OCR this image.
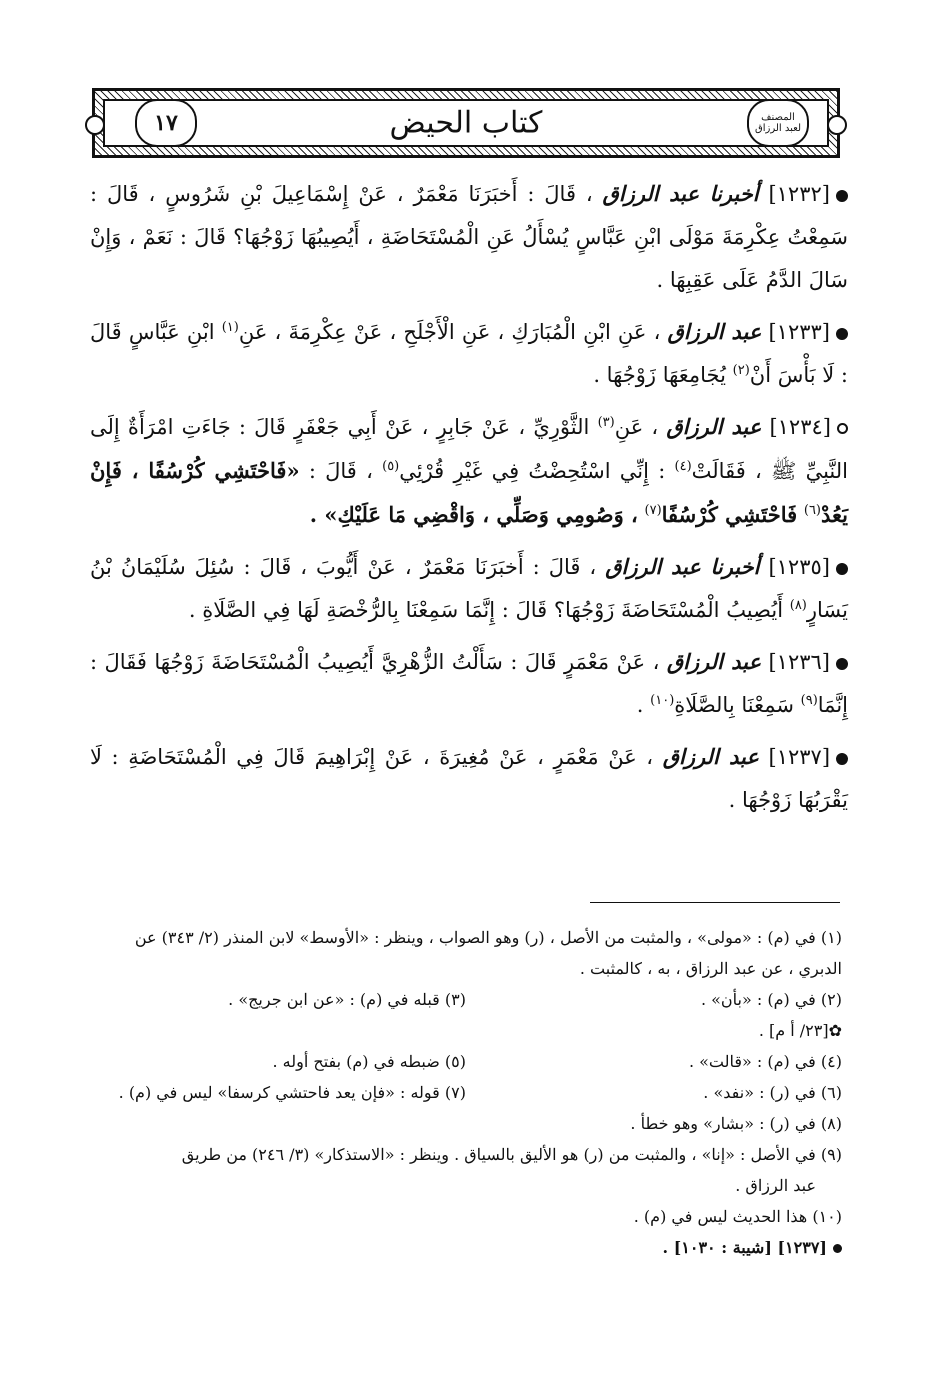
١٧	كتاب الحيض	المصنف
لعبد الرزاق

[١٢٣٢] أخبرنا عبد الرزاق ، قَالَ : أَخبَرَنَا مَعْمَرٌ ، عَنْ إِسْمَاعِيلَ بْنِ شَرُوسٍ ، قَالَ : سَمِعْتُ عِكْرِمَةَ مَوْلَى ابْنِ عَبَّاسٍ يُسْأَلُ عَنِ الْمُسْتَحَاضَةِ ، أَيُصِيبُهَا زَوْجُهَا؟ قَالَ : نَعَمْ ، وَإِنْ سَالَ الدَّمُ عَلَى عَقِبِهَا .

[١٢٣٣] عبد الرزاق ، عَنِ ابْنِ الْمُبَارَكِ ، عَنِ الْأَجْلَحِ ، عَنْ عِكْرِمَةَ ، عَنِ$^{(١)}$ ابْنِ عَبَّاسٍ قَالَ : لَا بَأْسَ أَنْ$^{(٢)}$ يُجَامِعَهَا زَوْجُهَا .

[١٢٣٤] عبد الرزاق ، عَنِ$^{(٣)}$ الثَّوْرِيِّ ، عَنْ جَابِرٍ ، عَنْ أَبِي جَعْفَرٍ قَالَ : جَاءَتِ امْرَأَةٌ إِلَى النَّبِيِّ ﷺ ، فَقَالَتْ$^{(٤)}$ : إِنِّي اسْتُحِضْتُ فِي غَيْرِ قُرْئِي$^{(٥)}$ ، قَالَ : «فَاحْتَشِي كُرْسُفًا ، فَإِنْ يَعُدْ$^{(٦)}$ فَاحْتَشِي كُرْسُفًا$^{(٧)}$ ، وَصُومِي وَصَلِّي ، وَاقْضِي مَا عَلَيْكِ» .

[١٢٣٥] أخبرنا عبد الرزاق ، قَالَ : أَخبَرَنَا مَعْمَرٌ ، عَنْ أَيُّوبَ ، قَالَ : سُئِلَ سُلَيْمَانُ بْنُ يَسَارٍ$^{(٨)}$ أَيُصِيبُ الْمُسْتَحَاضَةَ زَوْجُهَا؟ قَالَ : إِنَّمَا سَمِعْنَا بِالرُّخْصَةِ لَهَا فِي الصَّلَاةِ .

[١٢٣٦] عبد الرزاق ، عَنْ مَعْمَرٍ قَالَ : سَأَلْتُ الزُّهْرِيَّ أَيُصِيبُ الْمُسْتَحَاضَةَ زَوْجُهَا فَقَالَ : إِنَّمَا$^{(٩)}$ سَمِعْنَا بِالصَّلَاةِ$^{(١٠)}$ .

[١٢٣٧] عبد الرزاق ، عَنْ مَعْمَرٍ ، عَنْ مُغِيرَةَ ، عَنْ إِبْرَاهِيمَ قَالَ فِي الْمُسْتَحَاضَةِ : لَا يَقْرَبُهَا زَوْجُهَا .

(١) في (م) : «مولى» ، والمثبت من الأصل ، (ر) وهو الصواب ، وينظر : «الأوسط» لابن المنذر (٢/ ٣٤٣) عن الدبري ، عن عبد الرزاق ، به ، كالمثبت .

(٢) في (م) : «بأن» .
(٣) قبله في (م) : «عن ابن جريج» .

✿[٢٣/ أ م] .

(٤) في (م) : «قالت» .
(٥) ضبطه في (م) بفتح أوله .
(٦) في (ر) : «نفد» .
(٧) قوله : «فإن يعد فاحتشي كرسفا» ليس في (م) .

(٨) في (ر) : «بشار» وهو خطأ .

(٩) في الأصل : «إنا» ، والمثبت من (ر) هو الأليق بالسياق . وينظر : «الاستذكار» (٣/ ٢٤٦) من طريق

عبد الرزاق .

(١٠) هذا الحديث ليس في (م) .

[١٢٣٧] [شيبة : ١٠٣٠] .
